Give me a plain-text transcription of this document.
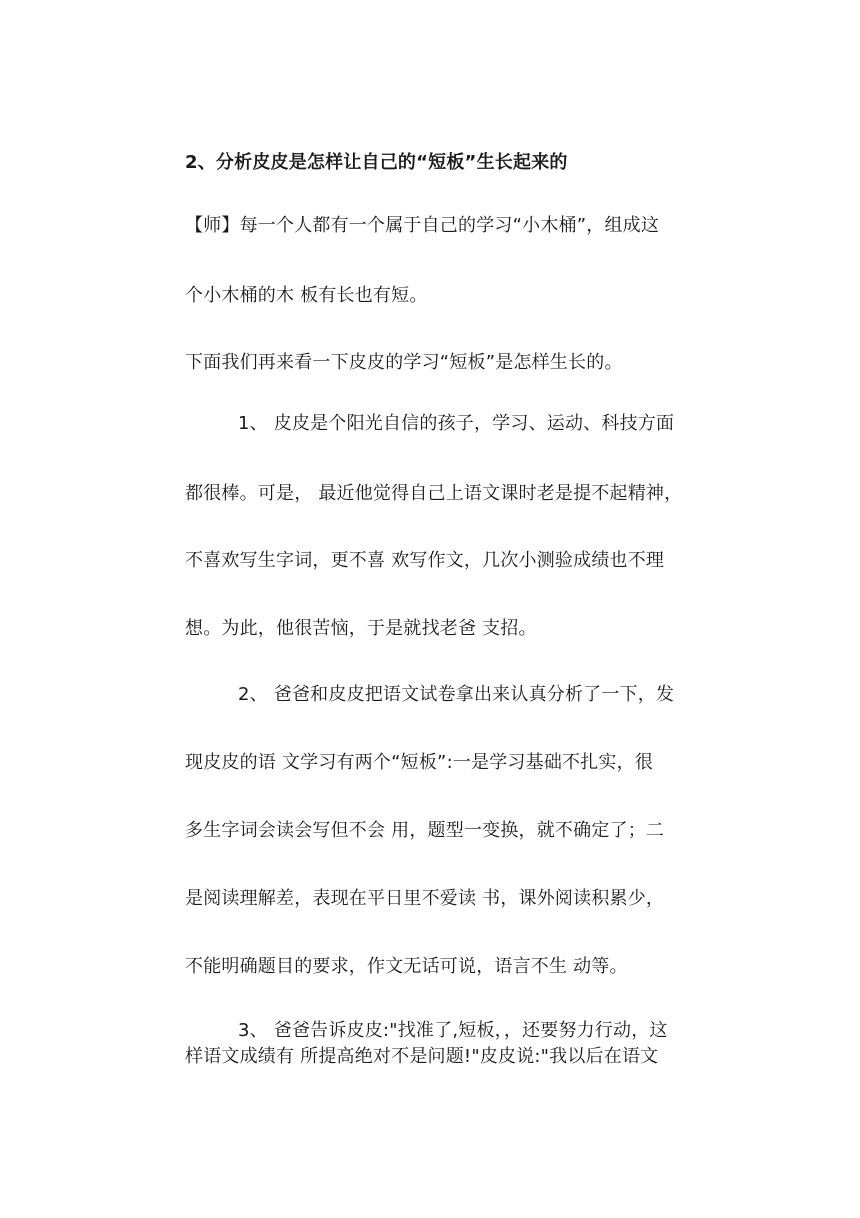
2、分析皮皮是怎样让自己的“短板”生长起来的
【师】每一个人都有一个属于自己的学习“小木桶”，组成这
个小木桶的木 板有长也有短。
下面我们再来看一下皮皮的学习“短板”是怎样生长的。
1、 皮皮是个阳光自信的孩子，学习、运动、科技方面
都很棒。可是， 最近他觉得自己上语文课时老是提不起精神，
不喜欢写生字词，更不喜 欢写作文，几次小测验成绩也不理
想。为此，他很苦恼，于是就找老爸 支招。
2、 爸爸和皮皮把语文试卷拿出来认真分析了一下，发
现皮皮的语 文学习有两个“短板”:一是学习基础不扎实，很
多生字词会读会写但不会 用，题型一变换，就不确定了；二
是阅读理解差，表现在平日里不爱读 书，课外阅读积累少，
不能明确题目的要求，作文无话可说，语言不生 动等。
3、 爸爸告诉皮皮:"找准了,短板，，还要努力行动，这
样语文成绩有 所提高绝对不是问题!"皮皮说:"我以后在语文
